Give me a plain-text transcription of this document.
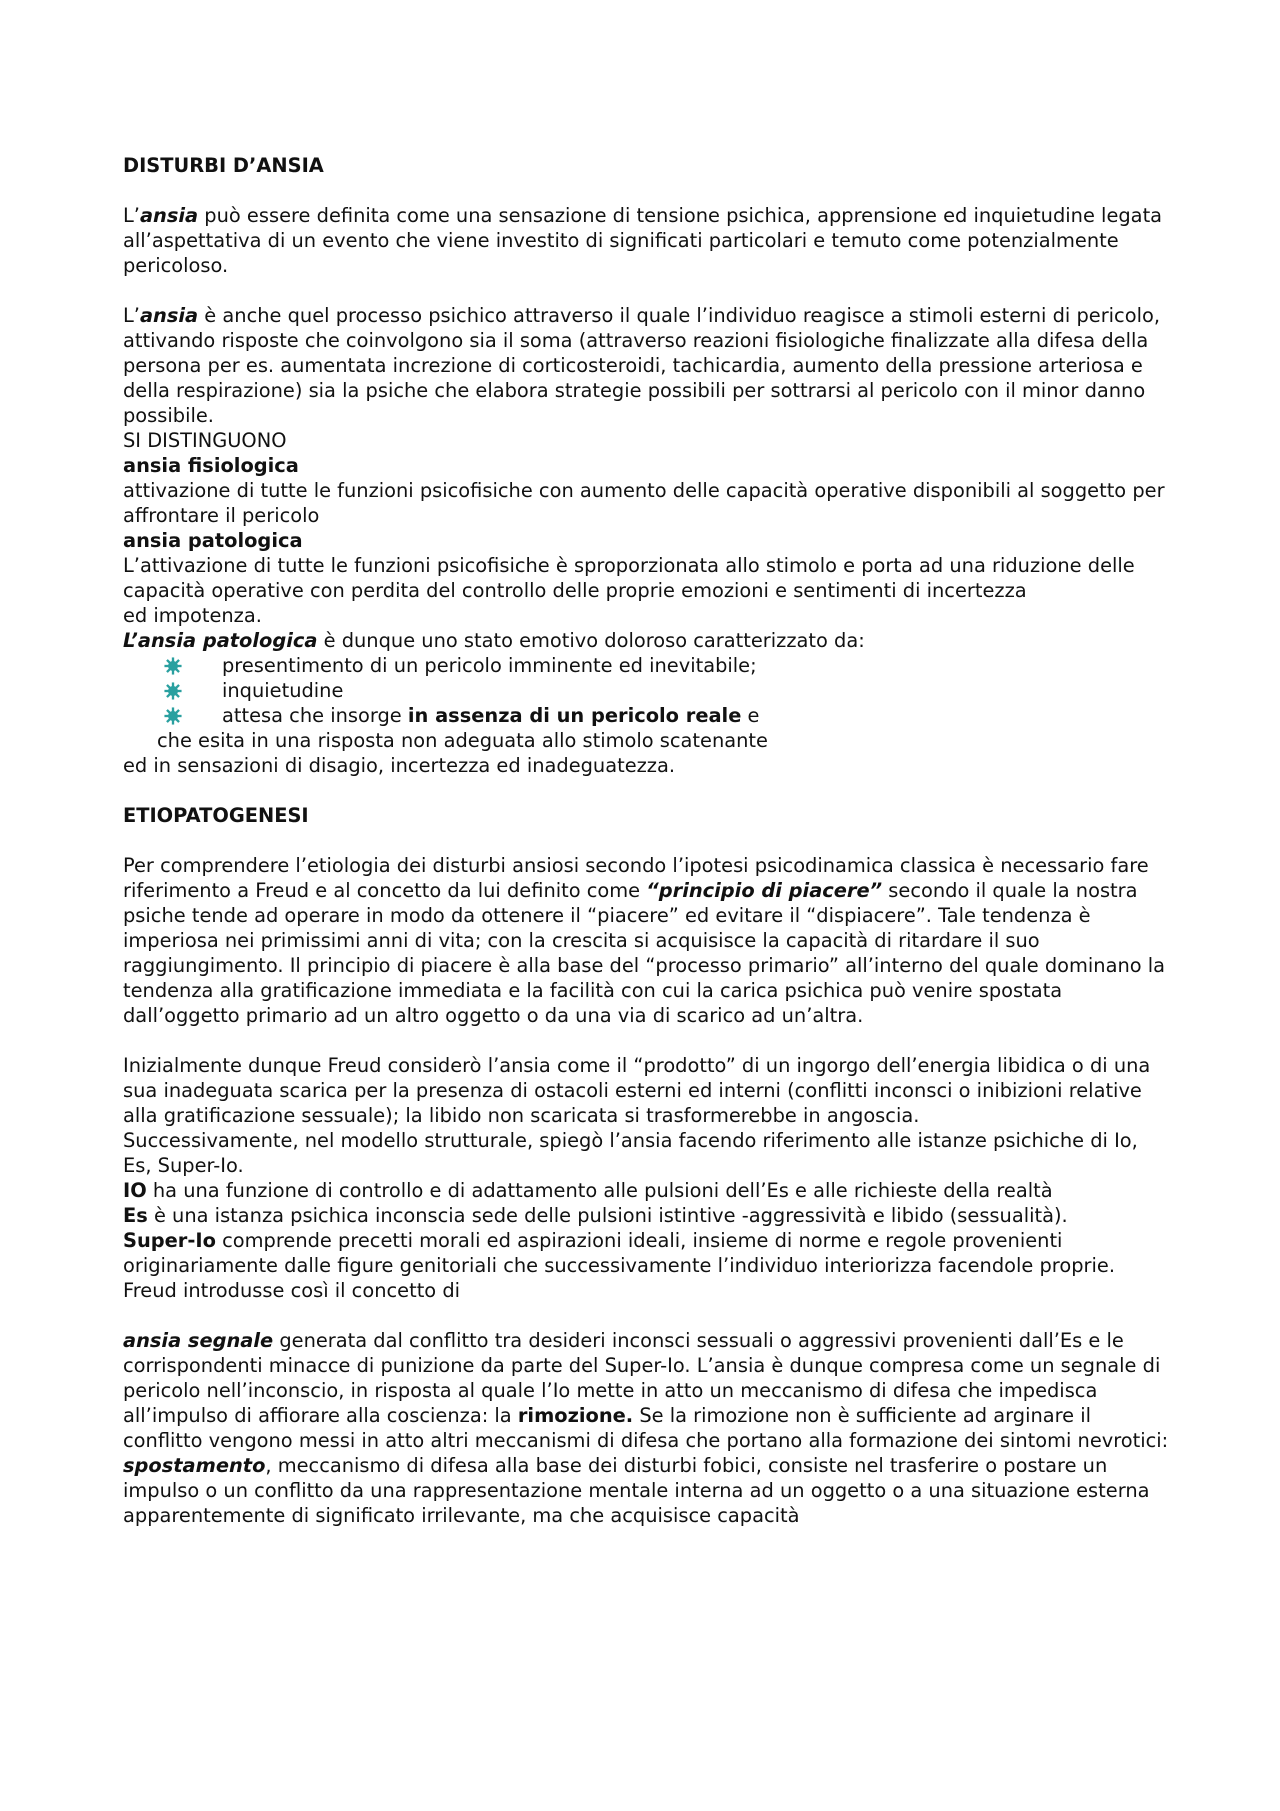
DISTURBI D’ANSIA

L’ansia può essere definita come una sensazione di tensione psichica, apprensione ed inquietudine legata all’aspettativa di un evento che viene investito di significati particolari e temuto come potenzialmente pericoloso.

L’ansia è anche quel processo psichico attraverso il quale l’individuo reagisce a stimoli esterni di pericolo, attivando risposte che coinvolgono sia il soma (attraverso reazioni fisiologiche finalizzate alla difesa della persona per es. aumentata increzione di corticosteroidi, tachicardia, aumento della pressione arteriosa e della respirazione) sia la psiche che elabora strategie possibili per sottrarsi al pericolo con il minor danno possibile.

SI DISTINGUONO

ansia fisiologica

attivazione di tutte le funzioni psicofisiche con aumento delle capacità operative disponibili al soggetto per affrontare il pericolo

ansia patologica

L’attivazione di tutte le funzioni psicofisiche è sproporzionata allo stimolo e porta ad una riduzione delle capacità operative con perdita del controllo delle proprie emozioni e sentimenti di incertezza

ed impotenza.

L’ansia patologica è dunque uno stato emotivo doloroso caratterizzato da:

presentimento di un pericolo imminente ed inevitabile;
inquietudine
attesa che insorge in assenza di un pericolo reale e

che esita in una risposta non adeguata allo stimolo scatenante

ed in sensazioni di disagio, incertezza ed inadeguatezza.

ETIOPATOGENESI

Per comprendere l’etiologia dei disturbi ansiosi secondo l’ipotesi psicodinamica classica è necessario fare riferimento a Freud e al concetto da lui definito come “principio di piacere” secondo il quale la nostra psiche tende ad operare in modo da ottenere il “piacere” ed evitare il “dispiacere”. Tale tendenza è imperiosa nei primissimi anni di vita; con la crescita si acquisisce la capacità di ritardare il suo raggiungimento. Il principio di piacere è alla base del “processo primario” all’interno del quale dominano la tendenza alla gratificazione immediata e la facilità con cui la carica psichica può venire spostata dall’oggetto primario ad un altro oggetto o da una via di scarico ad un’altra.

Inizialmente dunque Freud considerò l’ansia come il “prodotto” di un ingorgo dell’energia libidica o di una sua inadeguata scarica per la presenza di ostacoli esterni ed interni (conflitti inconsci o inibizioni relative alla gratificazione sessuale); la libido non scaricata si trasformerebbe in angoscia.

Successivamente, nel modello strutturale, spiegò l’ansia facendo riferimento alle istanze psichiche di Io, Es, Super-Io.

IO ha una funzione di controllo e di adattamento alle pulsioni dell’Es e alle richieste della realtà

Es è una istanza psichica inconscia sede delle pulsioni istintive -aggressività e libido (sessualità).

Super-Io comprende precetti morali ed aspirazioni ideali, insieme di norme e regole provenienti originariamente dalle figure genitoriali che successivamente l’individuo interiorizza facendole proprie.

Freud introdusse così il concetto di

ansia segnale generata dal conflitto tra desideri inconsci sessuali o aggressivi provenienti dall’Es e le corrispondenti minacce di punizione da parte del Super-Io. L’ansia è dunque compresa come un segnale di pericolo nell’inconscio, in risposta al quale l’Io mette in atto un meccanismo di difesa che impedisca all’impulso di affiorare alla coscienza: la rimozione. Se la rimozione non è sufficiente ad arginare il conflitto vengono messi in atto altri meccanismi di difesa che portano alla formazione dei sintomi nevrotici:

spostamento, meccanismo di difesa alla base dei disturbi fobici, consiste nel trasferire o postare un impulso o un conflitto da una rappresentazione mentale interna ad un oggetto o a una situazione esterna apparentemente di significato irrilevante, ma che acquisisce capacità
